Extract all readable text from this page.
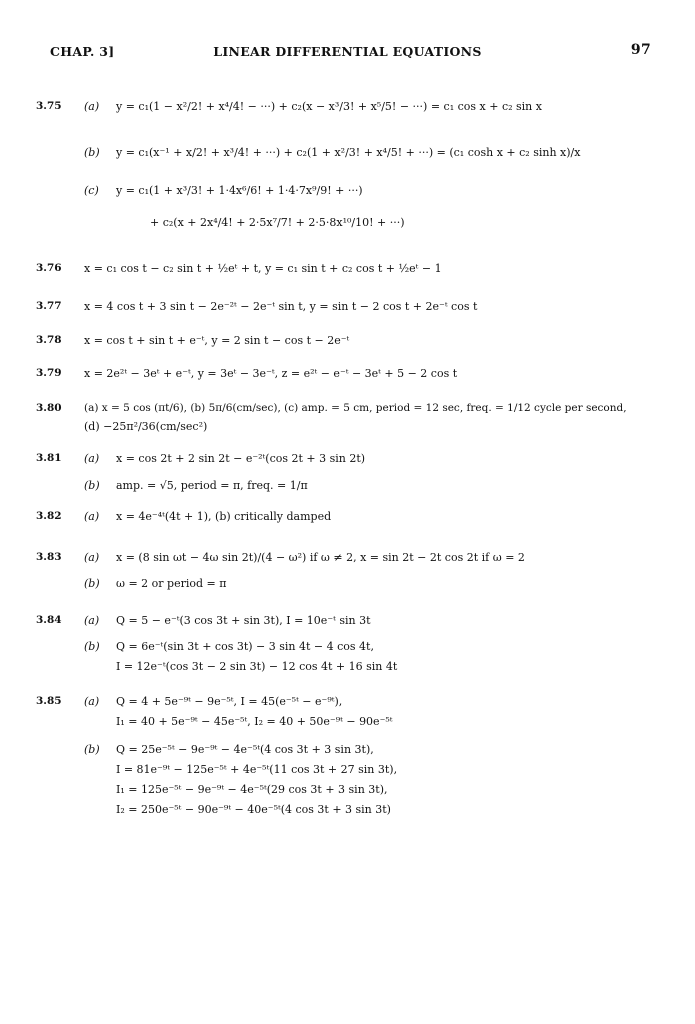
CHAP. 3]	LINEAR DIFFERENTIAL EQUATIONS	97
3.75 (a) y = c₁(1 − x²/2! + x⁴/4! − ···) + c₂(x − x³/3! + x⁵/5! − ···) = c₁ cos x + c₂ sin x
(b) y = c₁(x⁻¹ + x/2! + x³/4! + ···) + c₂(1 + x²/3! + x⁴/5! + ···) = (c₁ cosh x + c₂ sinh x)/x
(c) y = c₁(1 + x³/3! + 1·4x⁶/6! + 1·4·7x⁹/9! + ···)
+ c₂(x + 2x⁴/4! + 2·5x⁷/7! + 2·5·8x¹⁰/10! + ···)
3.76 x = c₁ cos t − c₂ sin t + ½eᵗ + t, y = c₁ sin t + c₂ cos t + ½eᵗ − 1
3.77 x = 4 cos t + 3 sin t − 2e⁻²ᵗ − 2e⁻ᵗ sin t, y = sin t − 2 cos t + 2e⁻ᵗ cos t
3.78 x = cos t + sin t + e⁻ᵗ, y = 2 sin t − cos t − 2e⁻ᵗ
3.79 x = 2e²ᵗ − 3eᵗ + e⁻ᵗ, y = 3eᵗ − 3e⁻ᵗ, z = e²ᵗ − e⁻ᵗ − 3eᵗ + 5 − 2 cos t
3.80 (a) x = 5 cos (πt/6), (b) 5π/6(cm/sec), (c) amp. = 5 cm, period = 12 sec, freq. = 1/12 cycle per second,
(d) −25π²/36(cm/sec²)
3.81 (a) x = cos 2t + 2 sin 2t − e⁻²ᵗ(cos 2t + 3 sin 2t)
(b) amp. = √5, period = π, freq. = 1/π
3.82 (a) x = 4e⁻⁴ᵗ(4t + 1), (b) critically damped
3.83 (a) x = (8 sin ωt − 4ω sin 2t)/(4 − ω²) if ω ≠ 2, x = sin 2t − 2t cos 2t if ω = 2
(b) ω = 2 or period = π
3.84 (a) Q = 5 − e⁻ᵗ(3 cos 3t + sin 3t), I = 10e⁻ᵗ sin 3t
(b) Q = 6e⁻ᵗ(sin 3t + cos 3t) − 3 sin 4t − 4 cos 4t,
I = 12e⁻ᵗ(cos 3t − 2 sin 3t) − 12 cos 4t + 16 sin 4t
3.85 (a) Q = 4 + 5e⁻⁹ᵗ − 9e⁻⁵ᵗ, I = 45(e⁻⁵ᵗ − e⁻⁹ᵗ),
I₁ = 40 + 5e⁻⁹ᵗ − 45e⁻⁵ᵗ, I₂ = 40 + 50e⁻⁹ᵗ − 90e⁻⁵ᵗ
(b) Q = 25e⁻⁵ᵗ − 9e⁻⁹ᵗ − 4e⁻⁵ᵗ(4 cos 3t + 3 sin 3t),
I = 81e⁻⁹ᵗ − 125e⁻⁵ᵗ + 4e⁻⁵ᵗ(11 cos 3t + 27 sin 3t),
I₁ = 125e⁻⁵ᵗ − 9e⁻⁹ᵗ − 4e⁻⁵ᵗ(29 cos 3t + 3 sin 3t),
I₂ = 250e⁻⁵ᵗ − 90e⁻⁹ᵗ − 40e⁻⁵ᵗ(4 cos 3t + 3 sin 3t)
